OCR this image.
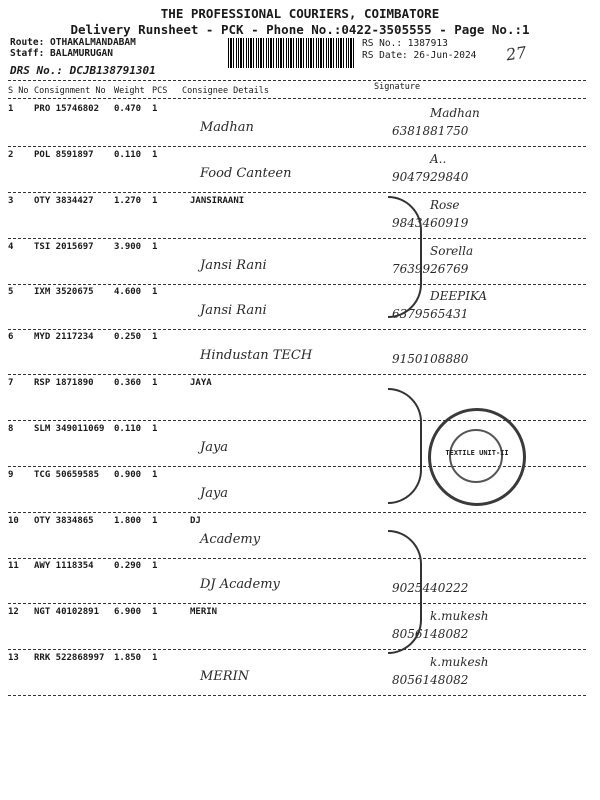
THE PROFESSIONAL COURIERS, COIMBATORE
Delivery Runsheet - PCK - Phone No.:0422-3505555 - Page No.:1
Route: OTHAKALMANDABAM
Staff: BALAMURUGAN
RS No.: 1387913
RS Date: 26-Jun-2024 27
DRS No.: DCJB138791301
S No Consignment No Weight PCS Consignee Details	Signature
1 PRO 15746802 0.470 1
Madhan
Madhan
6381881750
2 POL 8591897 0.110 1
Food Canteen
A..
9047929840
3 OTY 3834427 1.270 1	JANSIRAANI	Rose
9843460919
4 TSI 2015697 3.900 1
Jansi Rani
Sorella
7639926769
5 IXM 3520675 4.600 1
Jansi Rani
DEEPIKA
6379565431
6 MYD 2117234 0.250 1
Hindustan TECH	9150108880
7 RSP 1871890 0.360 1	JAYA
8 SLM 349011069 0.110 1
Jaya
9 TCG 50659585 0.900 1
Jaya
10 OTY 3834865 1.800 1	DJ
Academy
11 AWY 1118354 0.290 1
DJ Academy	9025440222
12 NGT 40102891 6.900 1	MERIN	k.mukesh
8056148082
13 RRK 522868997 1.850 1
MERIN
k.mukesh
8056148082
TEXTILE UNIT-II
